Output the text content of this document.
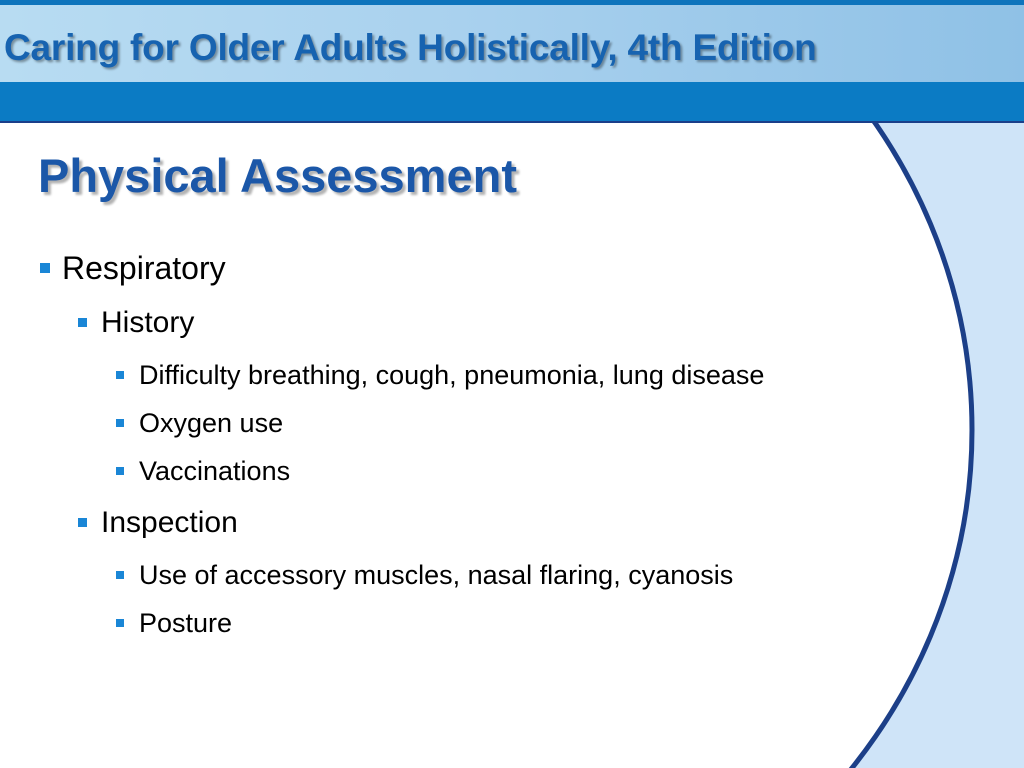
Caring for Older Adults Holistically, 4th Edition
Physical Assessment
Respiratory
History
Difficulty breathing, cough, pneumonia, lung disease
Oxygen use
Vaccinations
Inspection
Use of accessory muscles, nasal flaring, cyanosis
Posture
